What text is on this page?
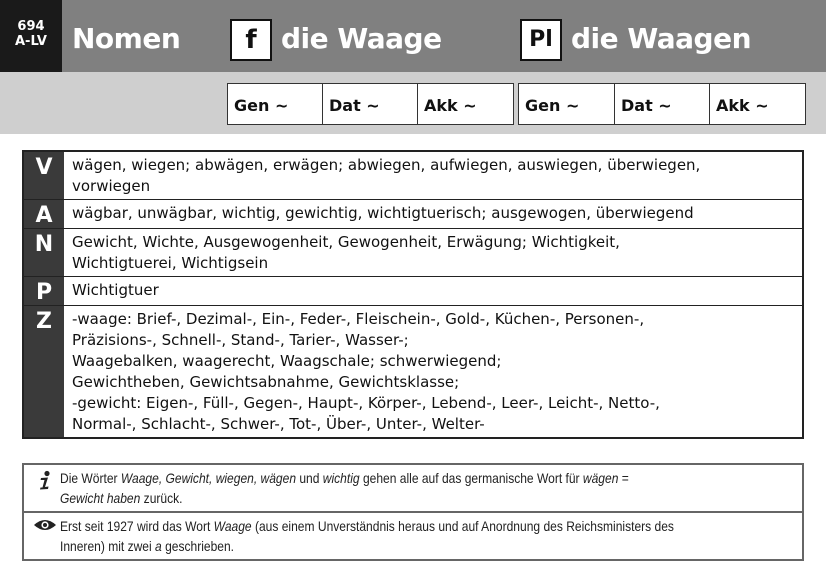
694
A-LV Nomen	f die Waage	Pl die Waagen
Gen ~	Dat ~	Akk ~	Gen ~	Dat ~	Akk ~
V	wägen, wiegen; abwägen, erwägen; abwiegen, aufwiegen, auswiegen, überwiegen,
vorwiegen
A	wägbar, unwägbar, wichtig, gewichtig, wichtigtuerisch; ausgewogen, überwiegend
N	Gewicht, Wichte, Ausgewogenheit, Gewogenheit, Erwägung; Wichtigkeit,
Wichtigtuerei, Wichtigsein
P	Wichtigtuer
Z	-waage: Brief-, Dezimal-, Ein-, Feder-, Fleischein-, Gold-, Küchen-, Personen-,
Präzisions-, Schnell-, Stand-, Tarier-, Wasser-;
Waagebalken, waagerecht, Waagschale; schwerwiegend;
Gewichtheben, Gewichtsabnahme, Gewichtsklasse;
-gewicht: Eigen-, Füll-, Gegen-, Haupt-, Körper-, Lebend-, Leer-, Leicht-, Netto-,
Normal-, Schlacht-, Schwer-, Tot-, Über-, Unter-, Welter-
Die Wörter Waage, Gewicht, wiegen, wägen und wichtig gehen alle auf das germanische Wort für wägen =
Gewicht haben zurück.
Erst seit 1927 wird das Wort Waage (aus einem Unverständnis heraus und auf Anordnung des Reichsministers des
Inneren) mit zwei a geschrieben.
